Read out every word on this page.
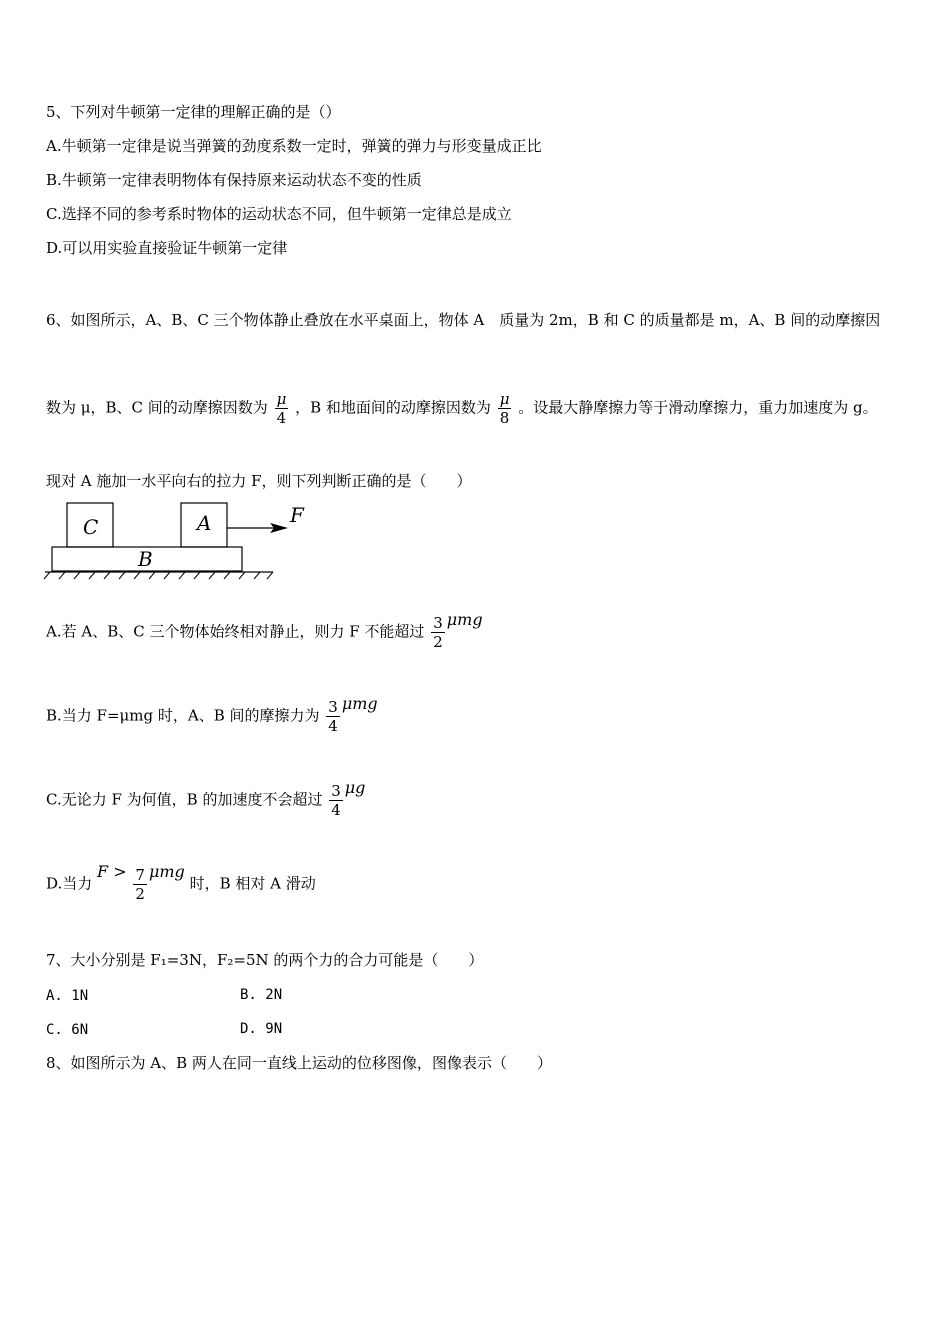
5、下列对牛顿第一定律的理解正确的是（）
A.牛顿第一定律是说当弹簧的劲度系数一定时，弹簧的弹力与形变量成正比
B.牛顿第一定律表明物体有保持原来运动状态不变的性质
C.选择不同的参考系时物体的运动状态不同，但牛顿第一定律总是成立
D.可以用实验直接验证牛顿第一定律
6、如图所示，A、B、C 三个物体静止叠放在水平桌面上，物体 A　质量为 2m，B 和 C 的质量都是 m，A、B 间的动摩擦因
数为 μ，B、C 间的动摩擦因数为 $\frac{\mu}{4}$ ，B 和地面间的动摩擦因数为 $\frac{\mu}{8}$ 。设最大静摩擦力等于滑动摩擦力，重力加速度为 g。
现对 A 施加一水平向右的拉力 F，则下列判断正确的是（　　）
C	A
B
F
A.若 A、B、C 三个物体始终相对静止，则力 F 不能超过 $\frac{3}{2}$ μmg
B.当力 F=μmg 时，A、B 间的摩擦力为 $\frac{3}{4}$ μmg
C.无论力 F 为何值，B 的加速度不会超过 $\frac{3}{4}$ μg
D.当力 $F > \frac{7}{2}$ μmg 时，B 相对 A 滑动
7、大小分别是 F₁=3N，F₂=5N 的两个力的合力可能是（　　）
A. 1N	B. 2N
C. 6N	D. 9N
8、如图所示为 A、B 两人在同一直线上运动的位移图像，图像表示（　　）
